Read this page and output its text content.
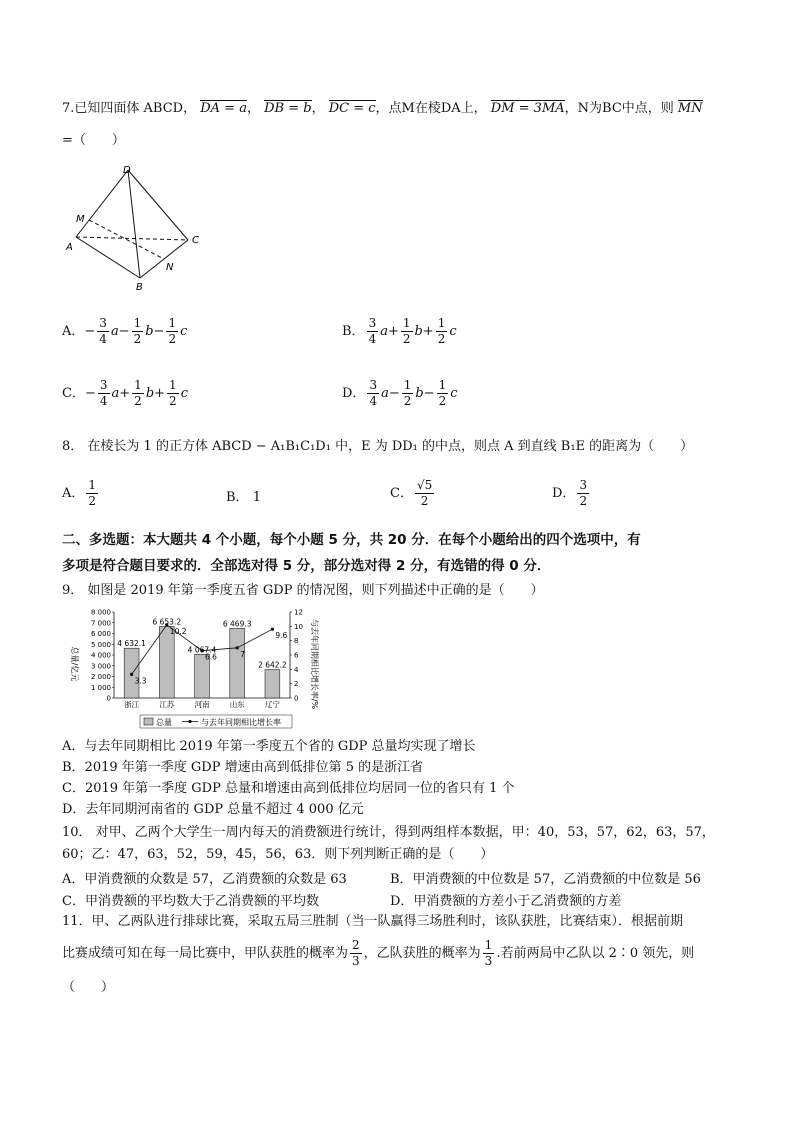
7.已知四面体 ABCD， DA = a， DB = b， DC = c，点M在棱DA上， DM = 3MA，N为BC中点，则 MN
=（　　）
D
M
A
C
N
B
A．− $\frac{3}{4} a- \frac{1}{2} b- \frac{1}{2}$ c	B． $\frac{3}{4} a+ \frac{1}{2} b+ \frac{1}{2}$ c
C．− $\frac{3}{4} a+ \frac{1}{2} b+ \frac{1}{2}$ c	D． $\frac{3}{4} a- \frac{1}{2} b- \frac{1}{2}$ c
8． 在棱长为 1 的正方体 ABCD − A₁B₁C₁D₁ 中，E 为 DD₁ 的中点，则点 A 到直线 B₁E 的距离为（　　）
A． $\frac{1}{2}$	B． 1	C． $\frac{√5}{2}$	D． $\frac{3}{2}$
二、多选题：本大题共 4 个小题，每个小题 5 分，共 20 分．在每个小题给出的四个选项中，有
多项是符合题目要求的．全部选对得 5 分，部分选对得 2 分，有选错的得 0 分．
9． 如图是 2019 年第一季度五省 GDP 的情况图，则下列描述中正确的是（　　）
总量/亿元	与去年同期相比增长率/%
0
1 000
2 000
3 000
4 000
5 000
6 000
7 000
8 000
0
2
4
6
8
10
12
4 632.1
浙江
6 653.2
江苏
4 067.4
河南
6 469.3
山东
2 642.2
辽宁
3.3
10.2
6.6	7
9.6
总量	与去年同期相比增长率
A．与去年同期相比 2019 年第一季度五个省的 GDP 总量均实现了增长
B．2019 年第一季度 GDP 增速由高到低排位第 5 的是浙江省
C．2019 年第一季度 GDP 总量和增速由高到低排位均居同一位的省只有 1 个
D．去年同期河南省的 GDP 总量不超过 4 000 亿元
10． 对甲、乙两个大学生一周内每天的消费额进行统计，得到两组样本数据，甲：40，53，57，62，63，57，
60；乙：47，63，52，59，45，56，63．则下列判断正确的是（　　）
A．甲消费额的众数是 57，乙消费额的众数是 63	B．甲消费额的中位数是 57，乙消费额的中位数是 56
C．甲消费额的平均数大于乙消费额的平均数	D．甲消费额的方差小于乙消费额的方差
11．甲、乙两队进行排球比赛，采取五局三胜制（当一队赢得三场胜利时，该队获胜，比赛结束）．根据前期
比赛成绩可知在每一局比赛中，甲队获胜的概率为 $\frac{2}{3}$ ，乙队获胜的概率为 $\frac{1}{3}$ .若前两局中乙队以 2∶0 领先，则
（　　）
